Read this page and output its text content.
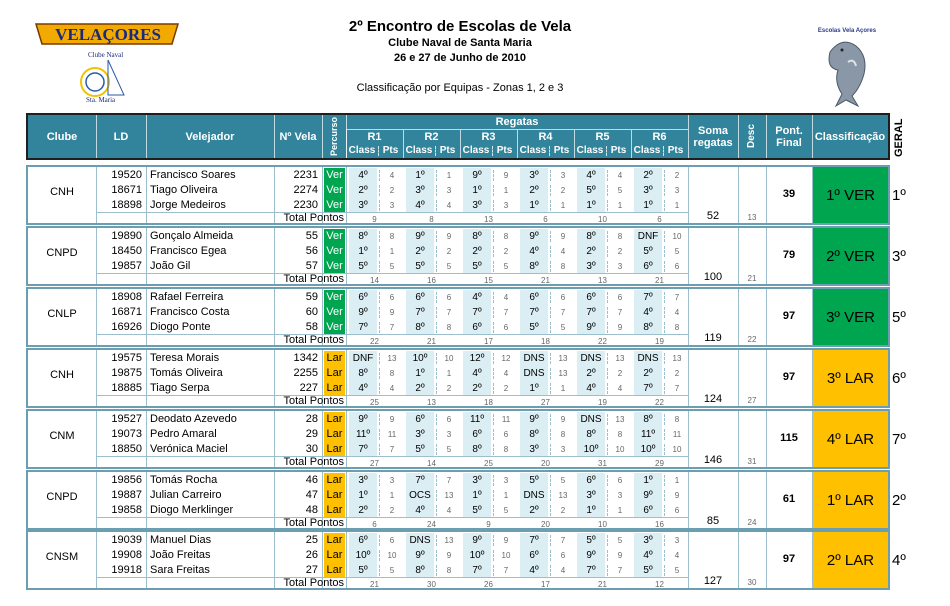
VELAÇORES
Clube Naval
Sta. Maria
Escolas Vela Açores
2º Encontro de Escolas de Vela
Clube Naval de Santa Maria
26 e 27 de Junho de 2010
Classificação por Equipas - Zonas 1, 2 e 3
Clube	LD	Velejador	Nº Vela	Percurso	Regatas
R1
Class Pts
R2
Class Pts
R3
Class Pts
R4
Class Pts
R5
Class Pts
R6
Class Pts
Soma regatas	Desc	Pont. Final	Classificação GERAL
CNH
19520 Francisco Soares	2231 Ver	4º	4	1º	1	9º	9	3º	3	4º	4	2º	2
18671 Tiago Oliveira	2274 Ver	2º	2	3º	3	1º	1	2º	2	5º	5	3º	3
18898 Jorge Medeiros	2230 Ver	3º	3	4º	4	3º	3	1º	1	1º	1	1º	1
Total Pontos	9	8	13	6	10	6	52	13
39	1º VER	1º
CNPD
19890 Gonçalo Almeida	55 Ver	8º	8	9º	9	8º	8	9º	9	8º	8	DNF	10
18450 Francisco Egea	56 Ver	1º	1	2º	2	2º	2	4º	4	2º	2	5º	5
19857 João Gil	57 Ver	5º	5	5º	5	5º	5	8º	8	3º	3	6º	6
Total Pontos	14	16	15	21	13	21	100	21
79	2º VER	3º
CNLP
18908 Rafael Ferreira	59 Ver	6º	6	6º	6	4º	4	6º	6	6º	6	7º	7
16871 Francisco Costa	60 Ver	9º	9	7º	7	7º	7	7º	7	7º	7	4º	4
16926 Diogo Ponte	58 Ver	7º	7	8º	8	6º	6	5º	5	9º	9	8º	8
Total Pontos	22	21	17	18	22	19	119	22
97	3º VER	5º
CNH
19575 Teresa Morais	1342 Lar	DNF	13	10º	10	12º	12	DNS	13	DNS	13	DNS	13
19875 Tomás Oliveira	2255 Lar	8º	8	1º	1	4º	4	DNS	13	2º	2	2º	2
18885 Tiago Serpa	227 Lar	4º	4	2º	2	2º	2	1º	1	4º	4	7º	7
Total Pontos	25	13	18	27	19	22	124	27
97	3º LAR	6º
CNM
19527 Deodato Azevedo	28 Lar	9º	9	6º	6	11º	11	9º	9	DNS	13	8º	8
19073 Pedro Amaral	29 Lar	11º	11	3º	3	6º	6	8º	8	8º	8	11º	11
18850 Verónica Maciel	30 Lar	7º	7	5º	5	8º	8	3º	3	10º	10	10º	10
Total Pontos	27	14	25	20	31	29	146	31
115	4º LAR	7º
CNPD
19856 Tomás Rocha	46 Lar	3º	3	7º	7	3º	3	5º	5	6º	6	1º	1
19887 Julian Carreiro	47 Lar	1º	1	OCS	13	1º	1	DNS	13	3º	3	9º	9
19858 Diogo Merklinger	48 Lar	2º	2	4º	4	5º	5	2º	2	1º	1	6º	6
Total Pontos	6	24	9	20	10	16	85	24
61	1º LAR	2º
CNSM
19039 Manuel Dias	25 Lar	6º	6	DNS	13	9º	9	7º	7	5º	5	3º	3
19908 João Freitas	26 Lar	10º	10	9º	9	10º	10	6º	6	9º	9	4º	4
19918 Sara Freitas	27 Lar	5º	5	8º	8	7º	7	4º	4	7º	7	5º	5
Total Pontos	21	30	26	17	21	12	127	30
97	2º LAR	4º
